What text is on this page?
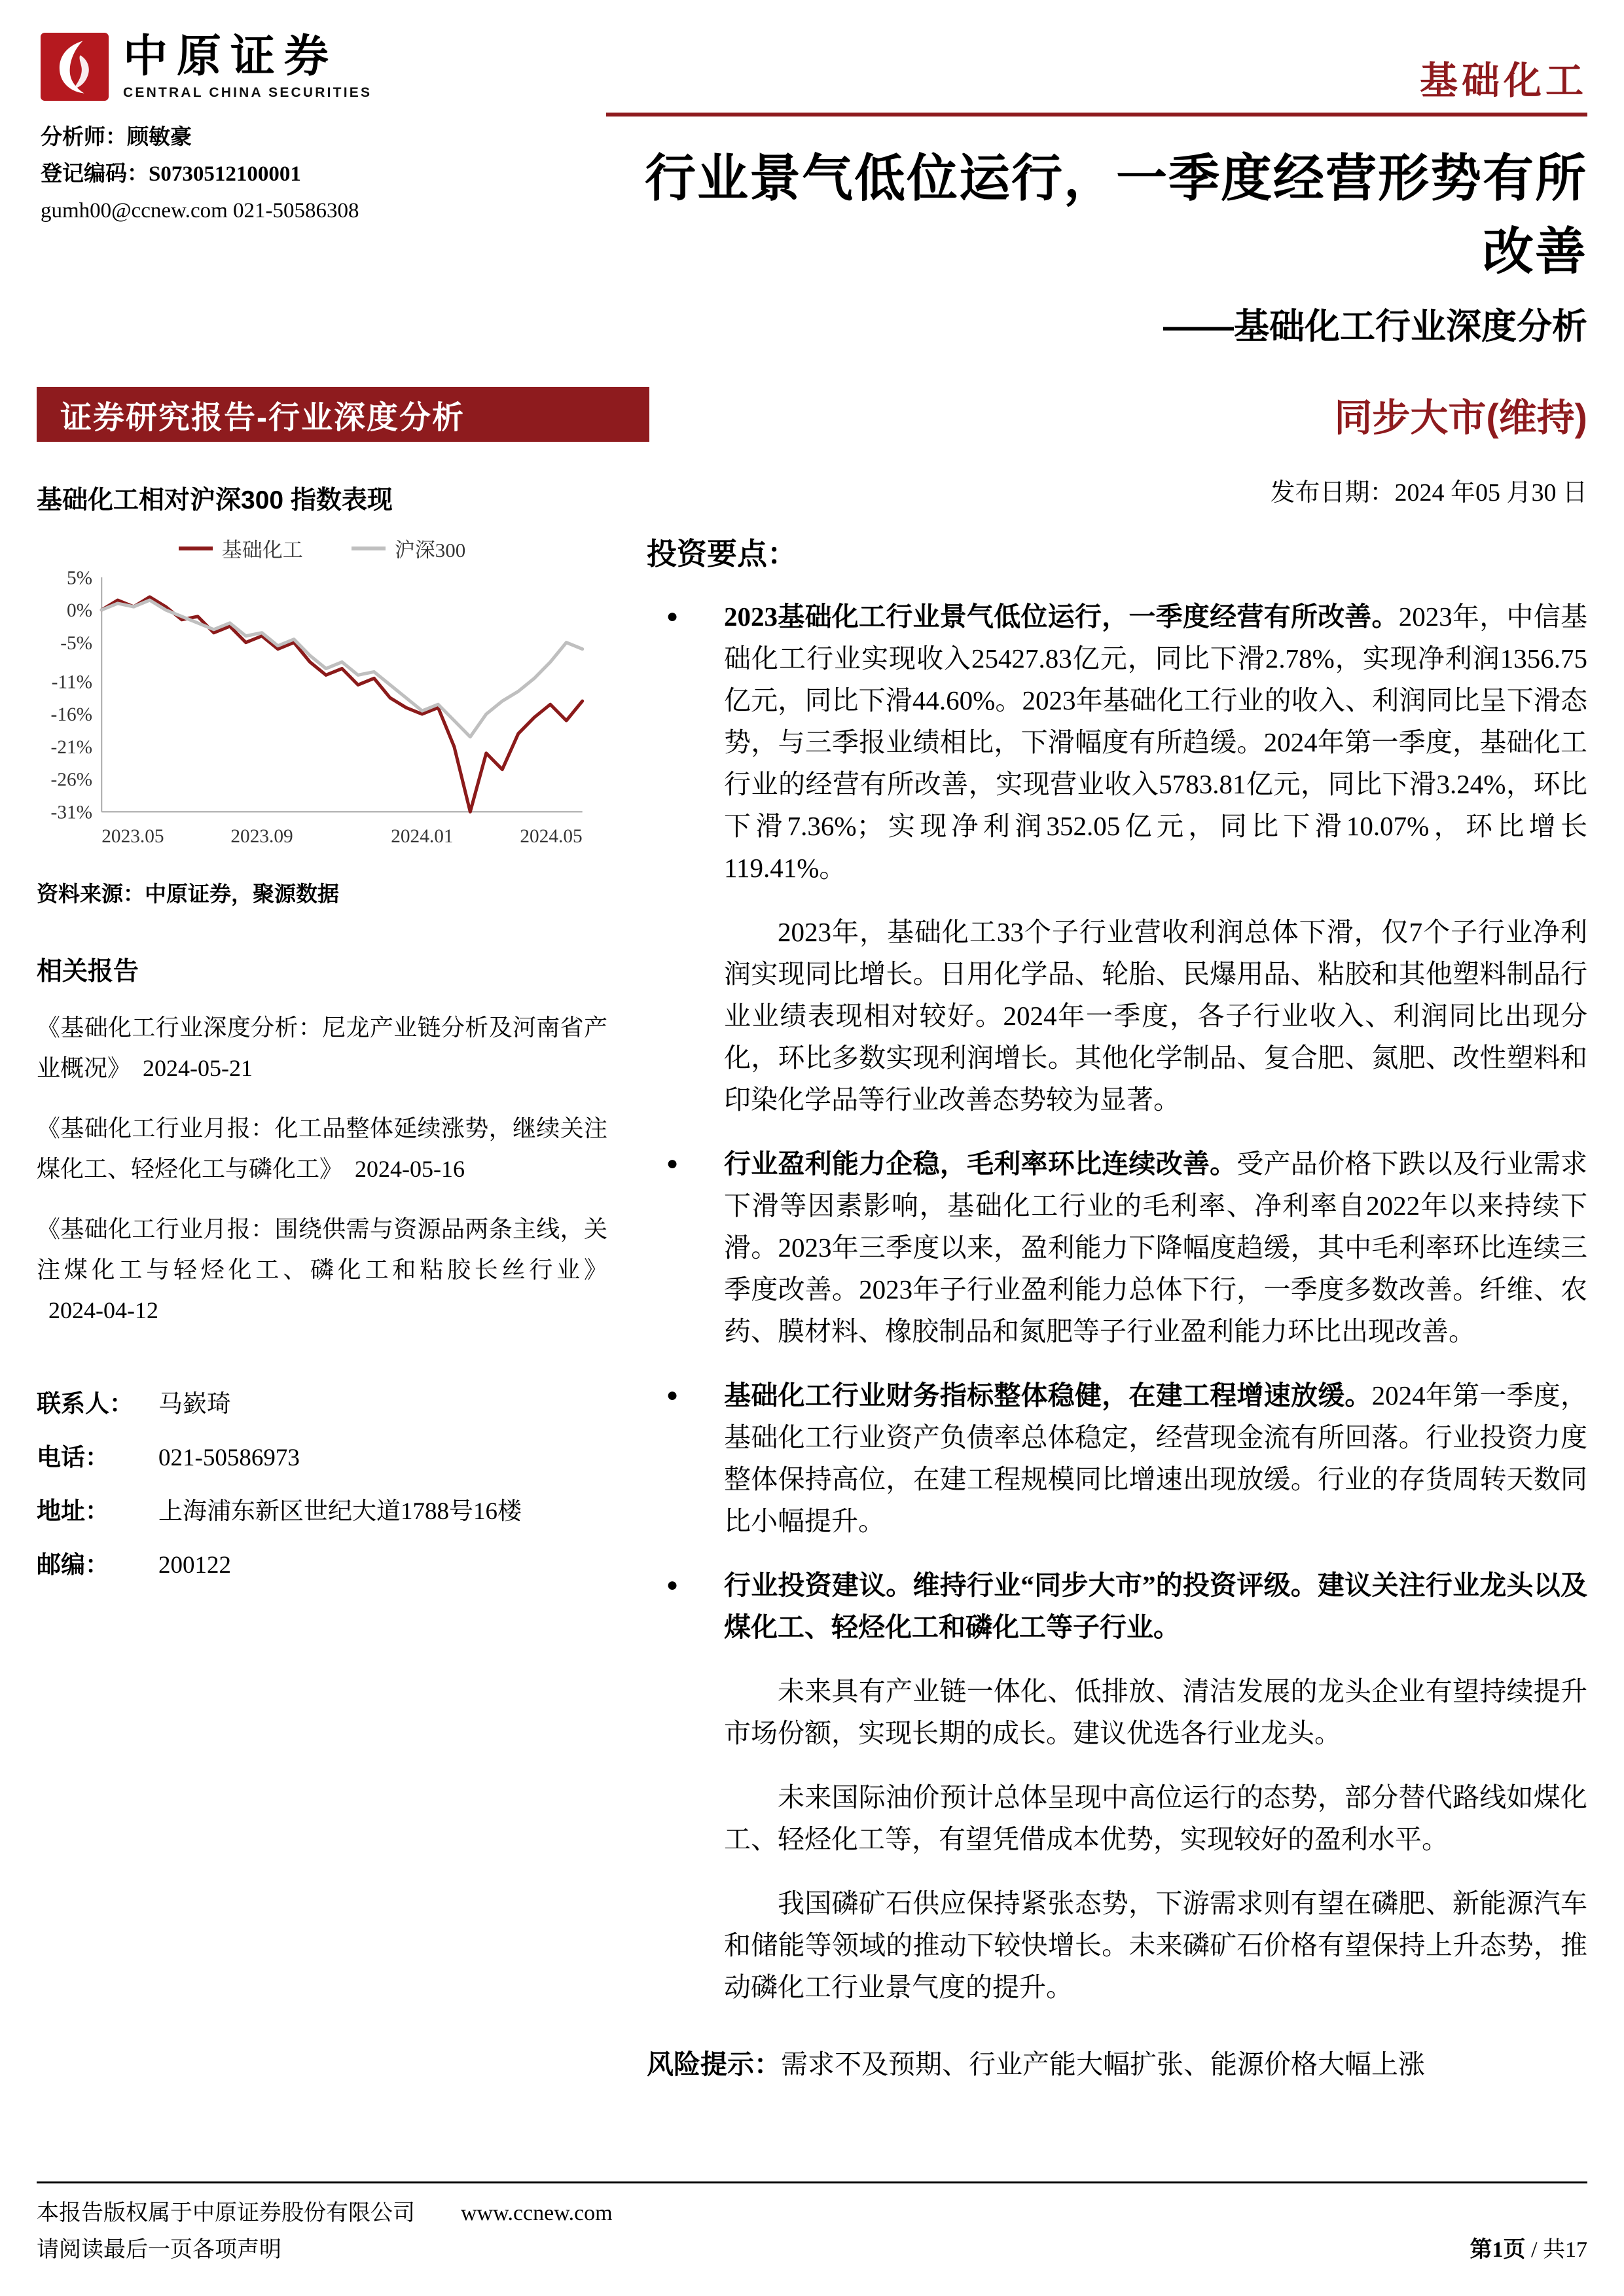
中原证券
CENTRAL CHINA SECURITIES
分析师：顾敏豪
登记编码：S0730512100001
gumh00@ccnew.com 021-50586308
基础化工
行业景气低位运行，一季度经营形势有所改善
——基础化工行业深度分析
证券研究报告-行业深度分析	同步大市(维持)
基础化工相对沪深300 指数表现
基础化工	沪深300
5%
0%
-5%
-11%
-16%
-21%
-26%
-31%
2023.05	2023.09	2024.01	2024.05
资料来源：中原证券，聚源数据
相关报告
《基础化工行业深度分析：尼龙产业链分析及河南省产业概况》 2024-05-21
《基础化工行业月报：化工品整体延续涨势，继续关注煤化工、轻烃化工与磷化工》 2024-05-16
《基础化工行业月报：围绕供需与资源品两条主线，关注煤化工与轻烃化工、磷化工和粘胶长丝行业》2024-04-12
联系人：	马嶔琦
电话：	021-50586973
地址：	上海浦东新区世纪大道1788号16楼
邮编：	200122
发布日期：2024 年05 月30 日
投资要点：
●	2023基础化工行业景气低位运行，一季度经营有所改善。2023年，中信基础化工行业实现收入25427.83亿元，同比下滑2.78%，实现净利润1356.75亿元，同比下滑44.60%。2023年基础化工行业的收入、利润同比呈下滑态势，与三季报业绩相比，下滑幅度有所趋缓。2024年第一季度，基础化工行业的经营有所改善，实现营业收入5783.81亿元，同比下滑3.24%，环比下滑7.36%；实现净利润352.05亿元，同比下滑10.07%，环比增长119.41%。
2023年，基础化工33个子行业营收利润总体下滑，仅7个子行业净利润实现同比增长。日用化学品、轮胎、民爆用品、粘胶和其他塑料制品行业业绩表现相对较好。2024年一季度，各子行业收入、利润同比出现分化，环比多数实现利润增长。其他化学制品、复合肥、氮肥、改性塑料和印染化学品等行业改善态势较为显著。
●	行业盈利能力企稳，毛利率环比连续改善。受产品价格下跌以及行业需求下滑等因素影响，基础化工行业的毛利率、净利率自2022年以来持续下滑。2023年三季度以来，盈利能力下降幅度趋缓，其中毛利率环比连续三季度改善。2023年子行业盈利能力总体下行，一季度多数改善。纤维、农药、膜材料、橡胶制品和氮肥等子行业盈利能力环比出现改善。
●	基础化工行业财务指标整体稳健，在建工程增速放缓。2024年第一季度，基础化工行业资产负债率总体稳定，经营现金流有所回落。行业投资力度整体保持高位，在建工程规模同比增速出现放缓。行业的存货周转天数同比小幅提升。
●	行业投资建议。维持行业“同步大市”的投资评级。建议关注行业龙头以及煤化工、轻烃化工和磷化工等子行业。
未来具有产业链一体化、低排放、清洁发展的龙头企业有望持续提升市场份额，实现长期的成长。建议优选各行业龙头。
未来国际油价预计总体呈现中高位运行的态势，部分替代路线如煤化工、轻烃化工等，有望凭借成本优势，实现较好的盈利水平。
我国磷矿石供应保持紧张态势，下游需求则有望在磷肥、新能源汽车和储能等领域的推动下较快增长。未来磷矿石价格有望保持上升态势，推动磷化工行业景气度的提升。
风险提示：需求不及预期、行业产能大幅扩张、能源价格大幅上涨
本报告版权属于中原证券股份有限公司 www.ccnew.com
请阅读最后一页各项声明	第1页 / 共17
